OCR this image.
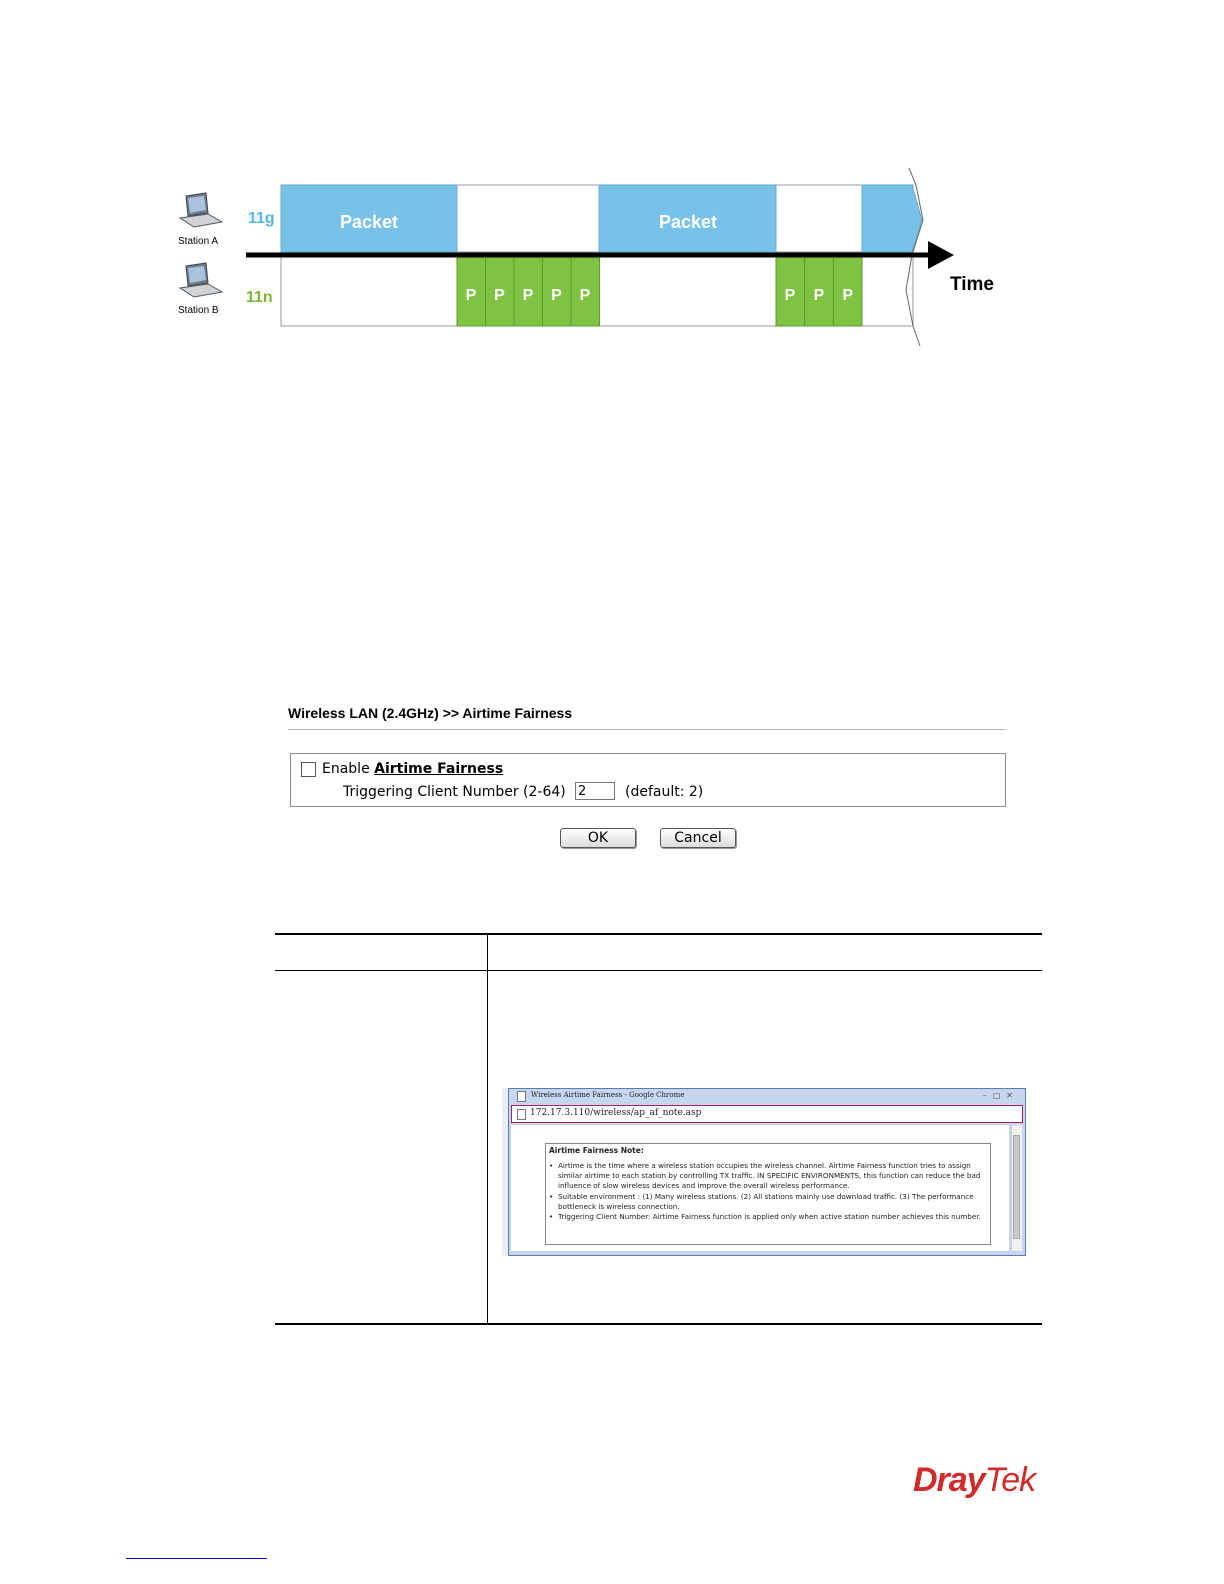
Station A
11g
Station B
11n
Packet	Packet
P P P P P	P P P
Time
Wireless LAN (2.4GHz) >> Airtime Fairness
Enable Airtime Fairness
Triggering Client Number (2-64) 2	(default: 2)
OK	Cancel
Wireless Airtime Fairness - Google Chrome	–□✕
172.17.3.110/wireless/ap_af_note.asp
Airtime Fairness Note:
• Airtime is the time where a wireless station occupies the wireless channel. Airtime Fairness function tries to assign similar airtime to each station by controlling TX traffic. IN SPECIFIC ENVIRONMENTS, this function can reduce the bad influence of slow wireless devices and improve the overall wireless performance.
• Suitable environment : (1) Many wireless stations. (2) All stations mainly use download traffic. (3) The performance bottleneck is wireless connection.
• Triggering Client Number: Airtime Fairness function is applied only when active station number achieves this number.
DrayTek
